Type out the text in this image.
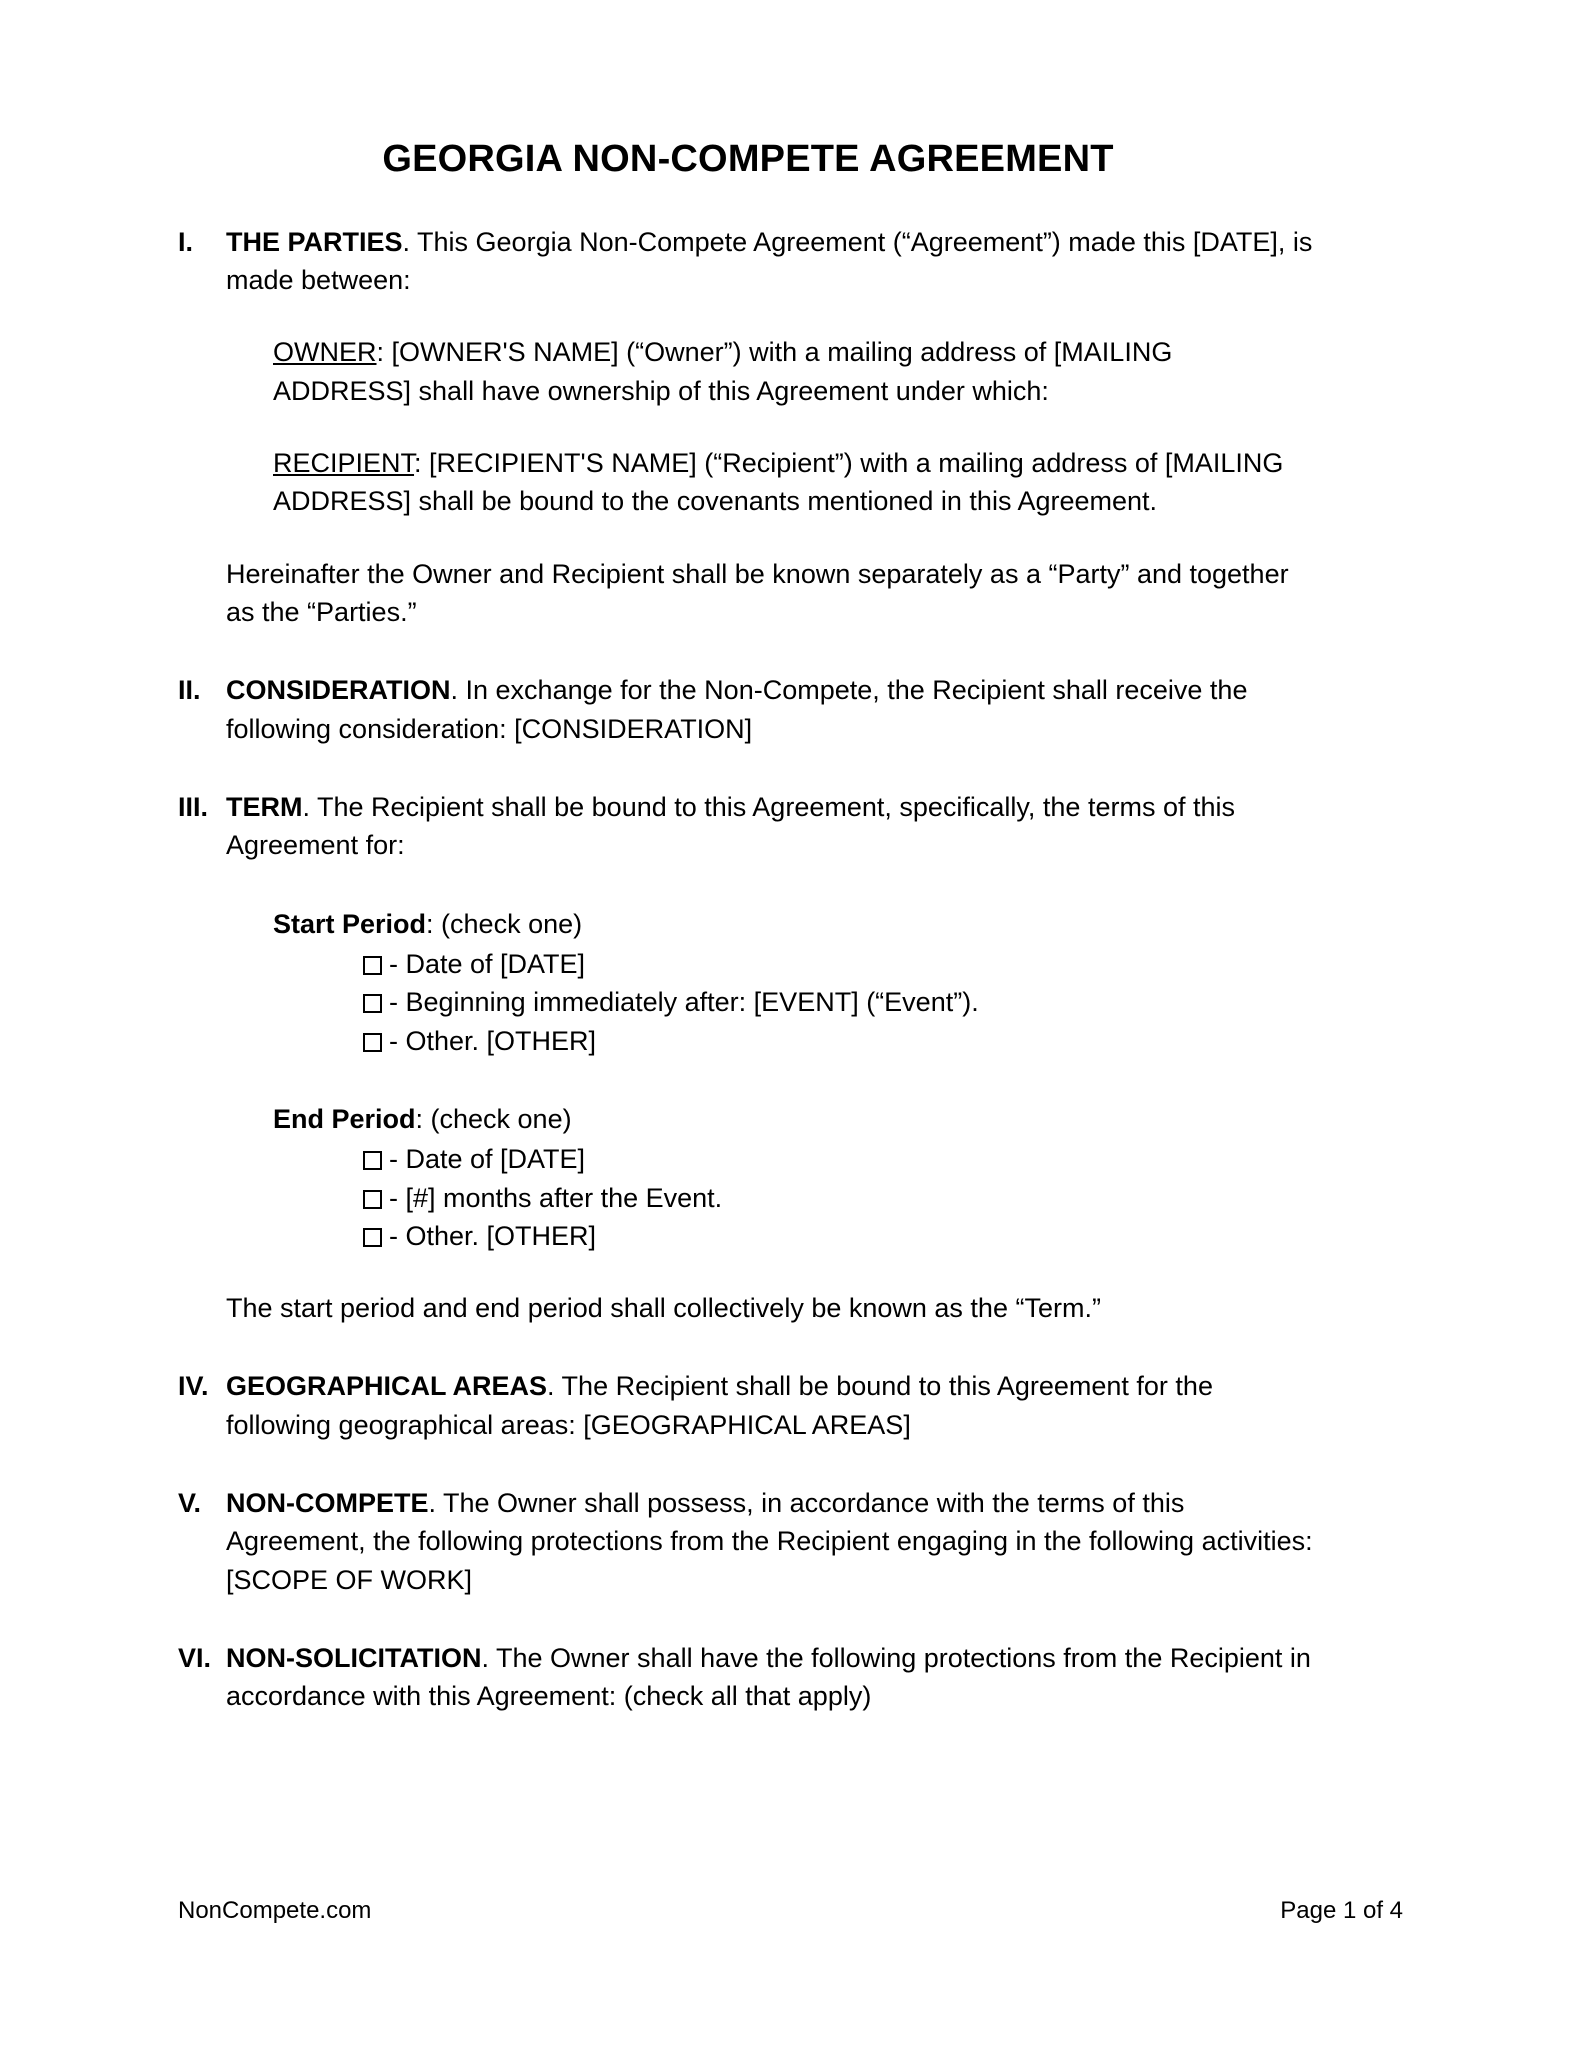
GEORGIA NON-COMPETE AGREEMENT
I.	THE PARTIES. This Georgia Non-Compete Agreement (“Agreement”) made this [DATE], is made between:
OWNER: [OWNER'S NAME] (“Owner”) with a mailing address of [MAILING ADDRESS] shall have ownership of this Agreement under which:
RECIPIENT: [RECIPIENT'S NAME] (“Recipient”) with a mailing address of [MAILING ADDRESS] shall be bound to the covenants mentioned in this Agreement.
Hereinafter the Owner and Recipient shall be known separately as a “Party” and together as the “Parties.”
II. CONSIDERATION. In exchange for the Non-Compete, the Recipient shall receive the following consideration: [CONSIDERATION]
III. TERM. The Recipient shall be bound to this Agreement, specifically, the terms of this Agreement for:
Start Period: (check one)
- Date of [DATE]
- Beginning immediately after: [EVENT] (“Event”).
- Other. [OTHER]
End Period: (check one)
- Date of [DATE]
- [#] months after the Event.
- Other. [OTHER]
The start period and end period shall collectively be known as the “Term.”
IV. GEOGRAPHICAL AREAS. The Recipient shall be bound to this Agreement for the following geographical areas: [GEOGRAPHICAL AREAS]
V. NON-COMPETE. The Owner shall possess, in accordance with the terms of this Agreement, the following protections from the Recipient engaging in the following activities: [SCOPE OF WORK]
VI. NON-SOLICITATION. The Owner shall have the following protections from the Recipient in accordance with this Agreement: (check all that apply)
NonCompete.com	Page 1 of 4
